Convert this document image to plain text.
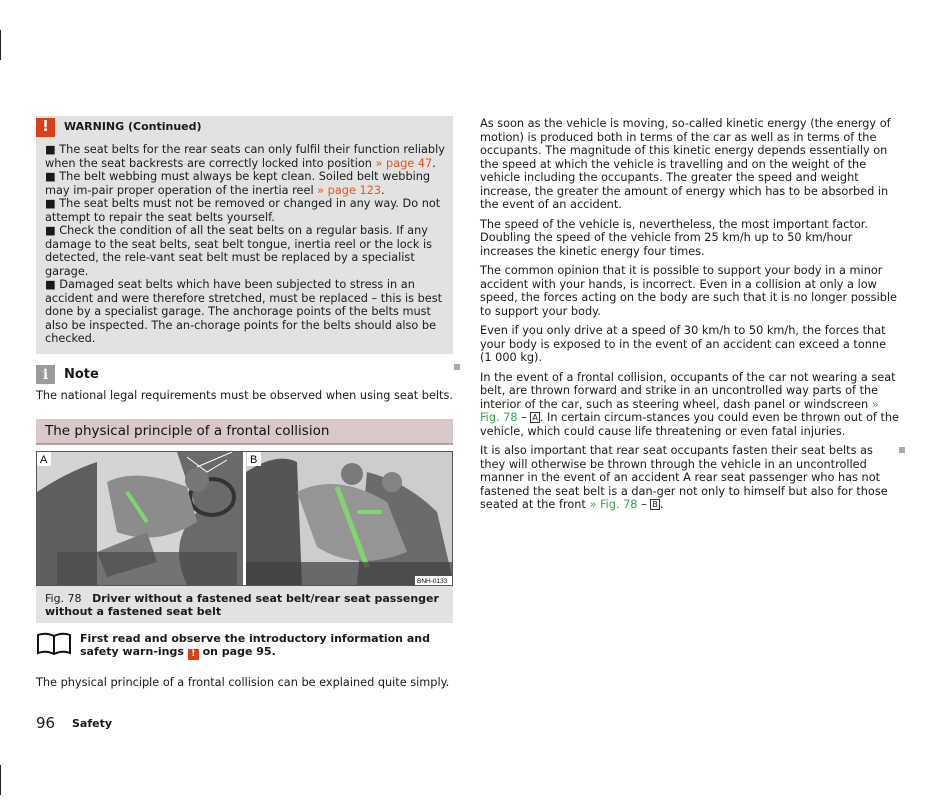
!	WARNING (Continued)

■ The seat belts for the rear seats can only fulfil their function reliably when the seat backrests are correctly locked into position » page 47.

■ The belt webbing must always be kept clean. Soiled belt webbing may im-pair proper operation of the inertia reel » page 123.

■ The seat belts must not be removed or changed in any way. Do not attempt to repair the seat belts yourself.

■ Check the condition of all the seat belts on a regular basis. If any damage to the seat belts, seat belt tongue, inertia reel or the lock is detected, the rele-vant seat belt must be replaced by a specialist garage.

■ Damaged seat belts which have been subjected to stress in an accident and were therefore stretched, must be replaced – this is best done by a specialist garage. The anchorage points of the belts must also be inspected. The an-chorage points for the belts should also be checked.

i	Note

The national legal requirements must be observed when using seat belts.

The physical principle of a frontal collision
A	B
BNH-0133
Fig. 78 Driver without a fastened seat belt/rear seat passenger without a fastened seat belt
First read and observe the introductory information and safety warn-ings ! on page 95.

The physical principle of a frontal collision can be explained quite simply.

As soon as the vehicle is moving, so-called kinetic energy (the energy of motion) is produced both in terms of the car as well as in terms of the occupants. The magnitude of this kinetic energy depends essentially on the speed at which the vehicle is travelling and on the weight of the vehicle including the occupants. The greater the speed and weight increase, the greater the amount of energy which has to be absorbed in the event of an accident.

The speed of the vehicle is, nevertheless, the most important factor. Doubling the speed of the vehicle from 25 km/h up to 50 km/hour increases the kinetic energy four times.

The common opinion that it is possible to support your body in a minor accident with your hands, is incorrect. Even in a collision at only a low speed, the forces acting on the body are such that it is no longer possible to support your body.

Even if you only drive at a speed of 30 km/h to 50 km/h, the forces that your body is exposed to in the event of an accident can exceed a tonne (1 000 kg).

In the event of a frontal collision, occupants of the car not wearing a seat belt, are thrown forward and strike in an uncontrolled way parts of the interior of the car, such as steering wheel, dash panel or windscreen » Fig. 78 – A . In certain circum-stances you could even be thrown out of the vehicle, which could cause life threatening or even fatal injuries.

It is also important that rear seat occupants fasten their seat belts as they will otherwise be thrown through the vehicle in an uncontrolled manner in the event of an accident A rear seat passenger who has not fastened the seat belt is a dan-ger not only to himself but also for those seated at the front » Fig. 78 – B .

96 Safety
